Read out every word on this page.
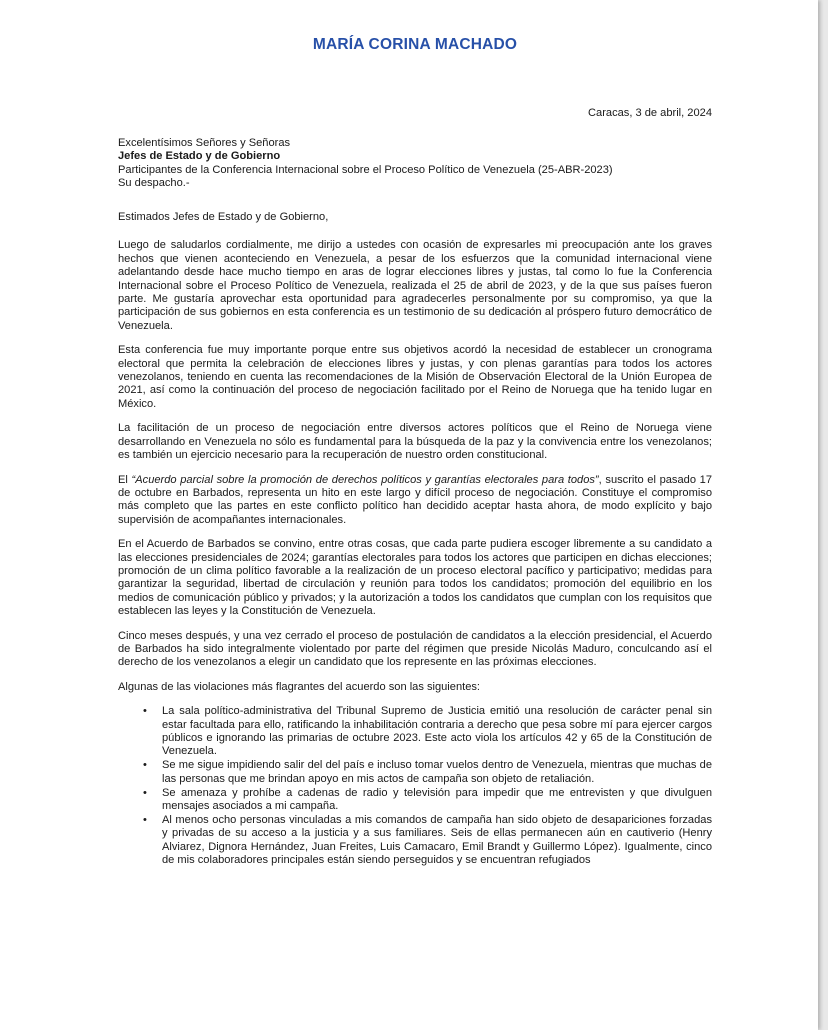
MARÍA CORINA MACHADO
Caracas, 3 de abril, 2024
Excelentísimos Señores y Señoras
Jefes de Estado y de Gobierno
Participantes de la Conferencia Internacional sobre el Proceso Político de Venezuela (25-ABR-2023)
Su despacho.-

Estimados Jefes de Estado y de Gobierno,

Luego de saludarlos cordialmente, me dirijo a ustedes con ocasión de expresarles mi preocupación ante los graves hechos que vienen aconteciendo en Venezuela, a pesar de los esfuerzos que la comunidad internacional viene adelantando desde hace mucho tiempo en aras de lograr elecciones libres y justas, tal como lo fue la Conferencia Internacional sobre el Proceso Político de Venezuela, realizada el 25 de abril de 2023, y de la que sus países fueron parte. Me gustaría aprovechar esta oportunidad para agradecerles personalmente por su compromiso, ya que la participación de sus gobiernos en esta conferencia es un testimonio de su dedicación al próspero futuro democrático de Venezuela.

Esta conferencia fue muy importante porque entre sus objetivos acordó la necesidad de establecer un cronograma electoral que permita la celebración de elecciones libres y justas, y con plenas garantías para todos los actores venezolanos, teniendo en cuenta las recomendaciones de la Misión de Observación Electoral de la Unión Europea de 2021, así como la continuación del proceso de negociación facilitado por el Reino de Noruega que ha tenido lugar en México.

La facilitación de un proceso de negociación entre diversos actores políticos que el Reino de Noruega viene desarrollando en Venezuela no sólo es fundamental para la búsqueda de la paz y la convivencia entre los venezolanos; es también un ejercicio necesario para la recuperación de nuestro orden constitucional.

El “Acuerdo parcial sobre la promoción de derechos políticos y garantías electorales para todos”, suscrito el pasado 17 de octubre en Barbados, representa un hito en este largo y difícil proceso de negociación. Constituye el compromiso más completo que las partes en este conflicto político han decidido aceptar hasta ahora, de modo explícito y bajo supervisión de acompañantes internacionales.

En el Acuerdo de Barbados se convino, entre otras cosas, que cada parte pudiera escoger libremente a su candidato a las elecciones presidenciales de 2024; garantías electorales para todos los actores que participen en dichas elecciones; promoción de un clima político favorable a la realización de un proceso electoral pacífico y participativo; medidas para garantizar la seguridad, libertad de circulación y reunión para todos los candidatos; promoción del equilibrio en los medios de comunicación público y privados; y la autorización a todos los candidatos que cumplan con los requisitos que establecen las leyes y la Constitución de Venezuela.

Cinco meses después, y una vez cerrado el proceso de postulación de candidatos a la elección presidencial, el Acuerdo de Barbados ha sido integralmente violentado por parte del régimen que preside Nicolás Maduro, conculcando así el derecho de los venezolanos a elegir un candidato que los represente en las próximas elecciones.

Algunas de las violaciones más flagrantes del acuerdo son las siguientes:

• La sala político-administrativa del Tribunal Supremo de Justicia emitió una resolución de carácter penal sin estar facultada para ello, ratificando la inhabilitación contraria a derecho que pesa sobre mí para ejercer cargos públicos e ignorando las primarias de octubre 2023. Este acto viola los artículos 42 y 65 de la Constitución de Venezuela.
• Se me sigue impidiendo salir del del país e incluso tomar vuelos dentro de Venezuela, mientras que muchas de las personas que me brindan apoyo en mis actos de campaña son objeto de retaliación.
• Se amenaza y prohíbe a cadenas de radio y televisión para impedir que me entrevisten y que divulguen mensajes asociados a mi campaña.
• Al menos ocho personas vinculadas a mis comandos de campaña han sido objeto de desapariciones forzadas y privadas de su acceso a la justicia y a sus familiares. Seis de ellas permanecen aún en cautiverio (Henry Alviarez, Dignora Hernández, Juan Freites, Luis Camacaro, Emil Brandt y Guillermo López). Igualmente, cinco de mis colaboradores principales están siendo perseguidos y se encuentran refugiados
